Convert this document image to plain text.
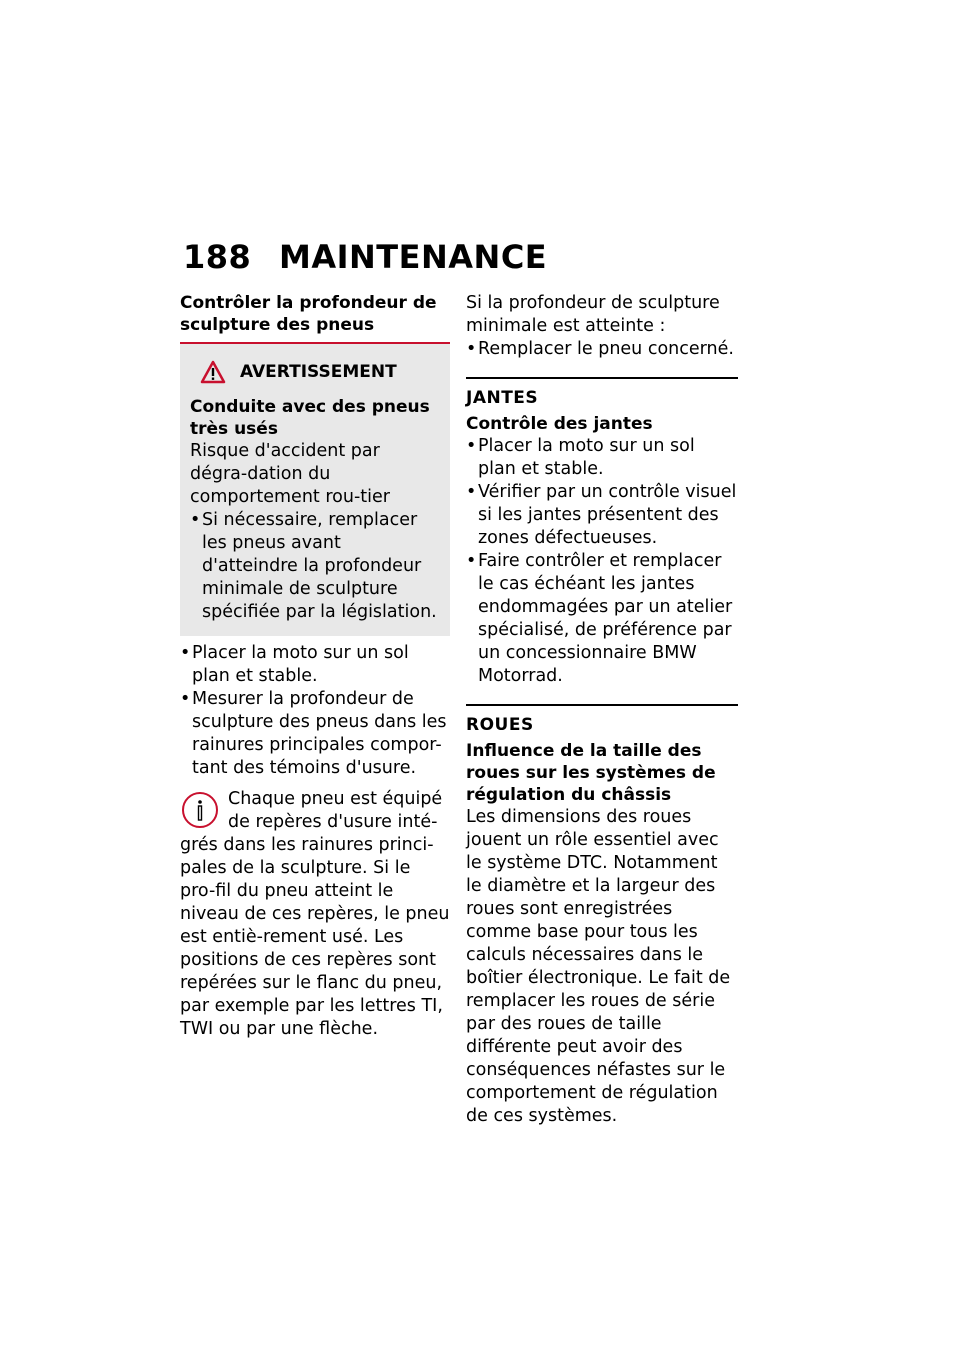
188 MAINTENANCE

Contrôler la profondeur de sculpture des pneus

AVERTISSEMENT

Conduite avec des pneus très usés

Risque d'accident par dégra-dation du comportement rou-tier

• Si nécessaire, remplacer les pneus avant d'atteindre la profondeur minimale de sculpture spécifiée par la législation.
• Placer la moto sur un sol plan et stable.
• Mesurer la profondeur de sculpture des pneus dans les rainures principales compor-tant des témoins d'usure.

Chaque pneu est équipé de repères d'usure inté-grés dans les rainures princi-pales de la sculpture. Si le pro-fil du pneu atteint le niveau de ces repères, le pneu est entiè-rement usé. Les positions de ces repères sont repérées sur le flanc du pneu, par exemple par les lettres TI, TWI ou par une flèche.

Si la profondeur de sculpture minimale est atteinte :

• Remplacer le pneu concerné.
JANTES

Contrôle des jantes

• Placer la moto sur un sol plan et stable.
• Vérifier par un contrôle visuel si les jantes présentent des zones défectueuses.
• Faire contrôler et remplacer le cas échéant les jantes endommagées par un atelier spécialisé, de préférence par un concessionnaire BMW Motorrad.
ROUES

Influence de la taille des roues sur les systèmes de régulation du châssis

Les dimensions des roues jouent un rôle essentiel avec le système DTC. Notamment le diamètre et la largeur des roues sont enregistrées comme base pour tous les calculs nécessaires dans le boîtier électronique. Le fait de remplacer les roues de série par des roues de taille différente peut avoir des conséquences néfastes sur le comportement de régulation de ces systèmes.
